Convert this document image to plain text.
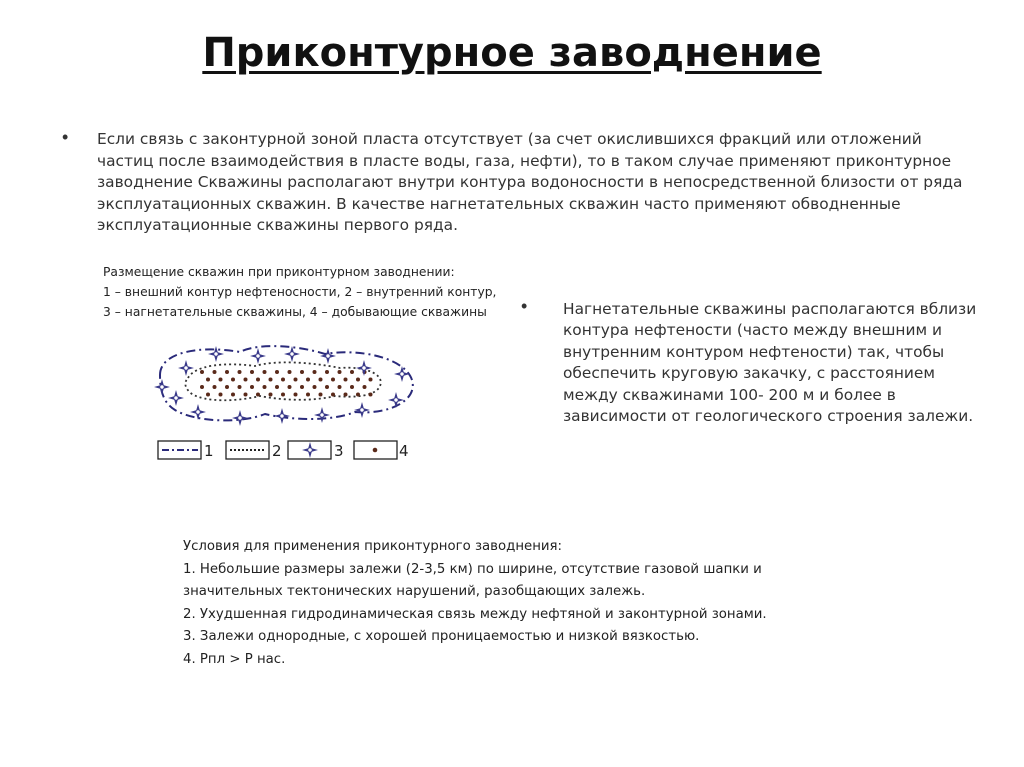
Приконтурное заводнение
• Если связь с законтурной зоной пласта отсутствует (за счет окислившихся фракций или отложений частиц после взаимодействия в пласте воды, газа, нефти), то в таком случае применяют приконтурное заводнение Скважины располагают внутри контура водоносности в непосредственной близости от ряда эксплуатационных скважин. В качестве нагнетательных скважин часто применяют обводненные эксплуатационные скважины первого ряда.
Размещение скважин при приконтурном заводнении:
1 – внешний контур нефтеносности, 2 – внутренний контур,
3 – нагнетательные скважины, 4 – добывающие скважины
1	2	3	4
• Нагнетательные скважины располагаются вблизи контура нефтености (часто между внешним и внутренним контуром нефтености) так, чтобы обеспечить круговую закачку, с расстоянием между скважинами 100- 200 м и более в зависимости от геологического строения залежи.
Условия для применения приконтурного заводнения:
1. Небольшие размеры залежи (2-3,5 км) по ширине, отсутствие газовой шапки и
значительных тектонических нарушений, разобщающих залежь.
2. Ухудшенная гидродинамическая связь между нефтяной и законтурной зонами.
3. Залежи однородные, с хорошей проницаемостью и низкой вязкостью.
4. Рпл > Р нас.
